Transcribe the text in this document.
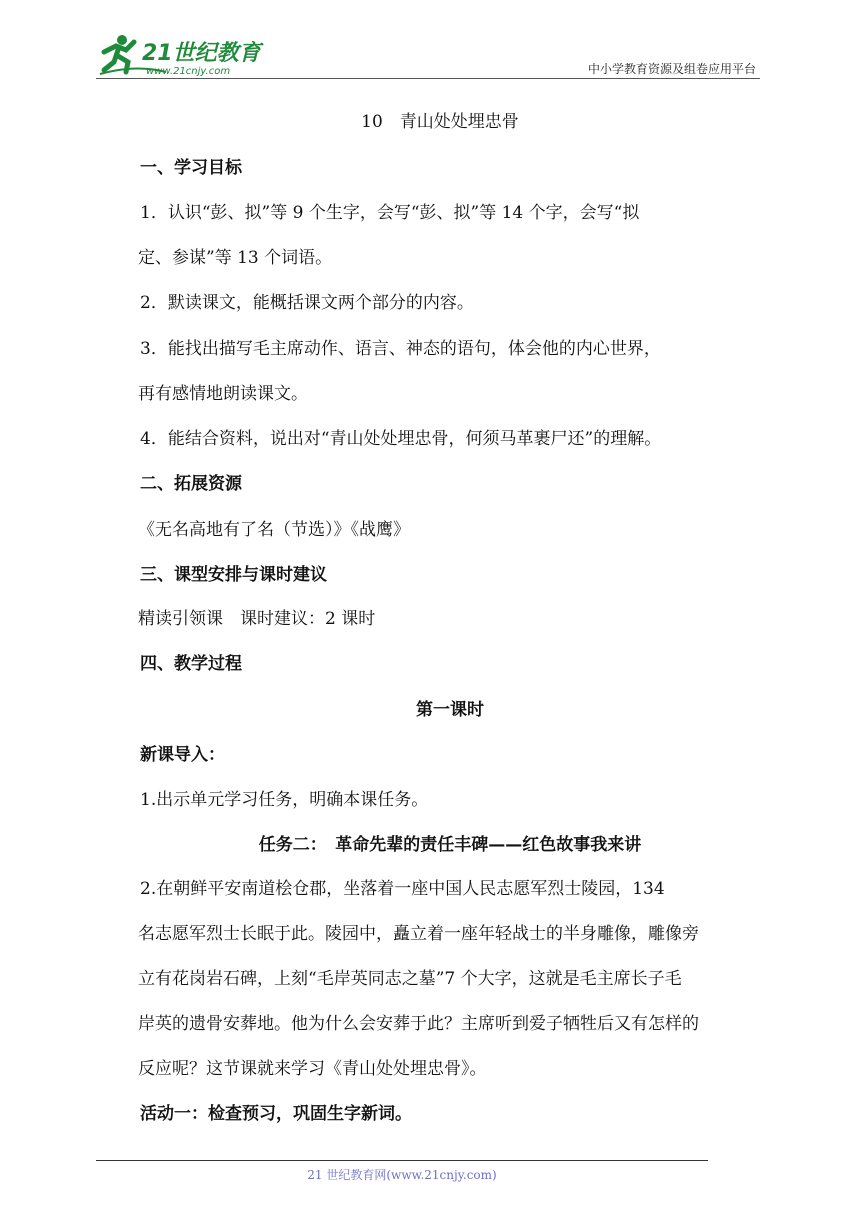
21世纪教育
www.21cnjy.com	中小学教育资源及组卷应用平台
10　青山处处埋忠骨
一、学习目标
1．认识“彭、拟”等 9 个生字，会写“彭、拟”等 14 个字，会写“拟
定、参谋”等 13 个词语。
2．默读课文，能概括课文两个部分的内容。
3．能找出描写毛主席动作、语言、神态的语句，体会他的内心世界，
再有感情地朗读课文。
4．能结合资料，说出对“青山处处埋忠骨，何须马革裹尸还”的理解。
二、拓展资源
《无名高地有了名（节选）》《战鹰》
三、课型安排与课时建议
精读引领课　课时建议：2 课时
四、教学过程
第一课时
新课导入：
1.出示单元学习任务，明确本课任务。
任务二：　革命先辈的责任丰碑——红色故事我来讲
2.在朝鲜平安南道桧仓郡，坐落着一座中国人民志愿军烈士陵园，134
名志愿军烈士长眠于此。陵园中，矗立着一座年轻战士的半身雕像，雕像旁
立有花岗岩石碑，上刻“毛岸英同志之墓”7 个大字，这就是毛主席长子毛
岸英的遗骨安葬地。他为什么会安葬于此？主席听到爱子牺牲后又有怎样的
反应呢？这节课就来学习《青山处处埋忠骨》。
活动一：检查预习，巩固生字新词。
21 世纪教育网(www.21cnjy.com)
